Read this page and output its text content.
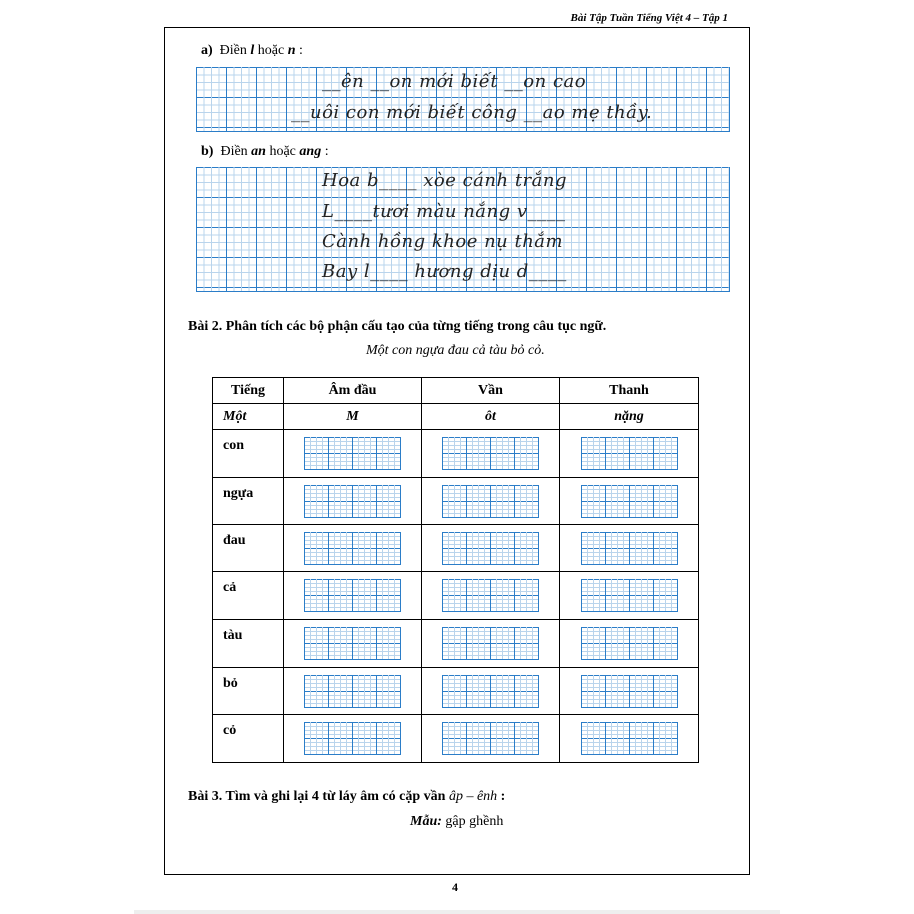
Bài Tập Tuần Tiếng Việt 4 – Tập 1
a) Điền l hoặc n :
__ên __on mới biết __on cao
__uôi con mới biết công __ao mẹ thầy.
b) Điền an hoặc ang :
Hoa b____ xòe cánh trắng
L____tươi màu nắng v____
Cành hồng khoe nụ thắm
Bay l____ hương dịu d____
Bài 2. Phân tích các bộ phận cấu tạo của từng tiếng trong câu tục ngữ.
Một con ngựa đau cả tàu bỏ cỏ.
Tiếng	Âm đầu	Vần	Thanh
Một	M	ôt	nặng
con	

ngựa	

đau	

cả	

tàu	

bỏ	

cỏ	

Bài 3. Tìm và ghi lại 4 từ láy âm có cặp vần âp – ênh :
Mẫu: gập ghềnh
4
